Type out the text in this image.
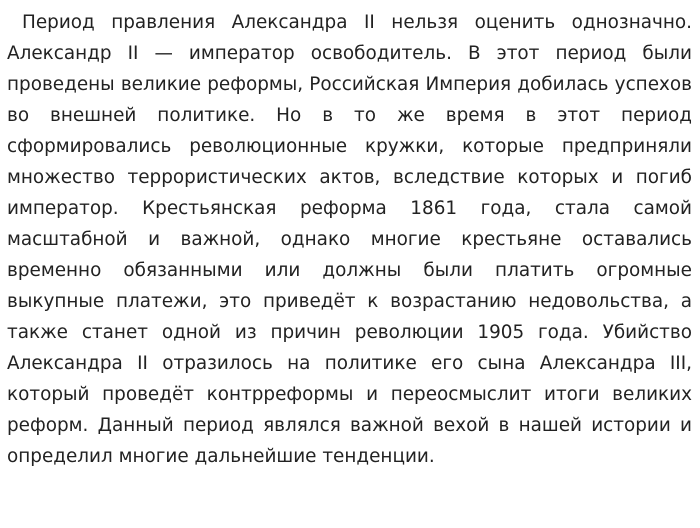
Период правления Александра II нельзя оценить однозначно. Александр II — император освободитель. В этот период были проведены великие реформы, Российская Империя добилась успехов во внешней политике. Но в то же время в этот период сформировались революционные кружки, которые предприняли множество террористических актов, вследствие которых и погиб император. Крестьянская реформа 1861 года, стала самой масштабной и важной, однако многие крестьяне оставались временно обязанными или должны были платить огромные выкупные платежи, это приведёт к возрастанию недовольства, а также станет одной из причин революции 1905 года. Убийство Александра II отразилось на политике его сына Александра III, который проведёт контрреформы и переосмыслит итоги великих реформ. Данный период являлся важной вехой в нашей истории и определил многие дальнейшие тенденции.
